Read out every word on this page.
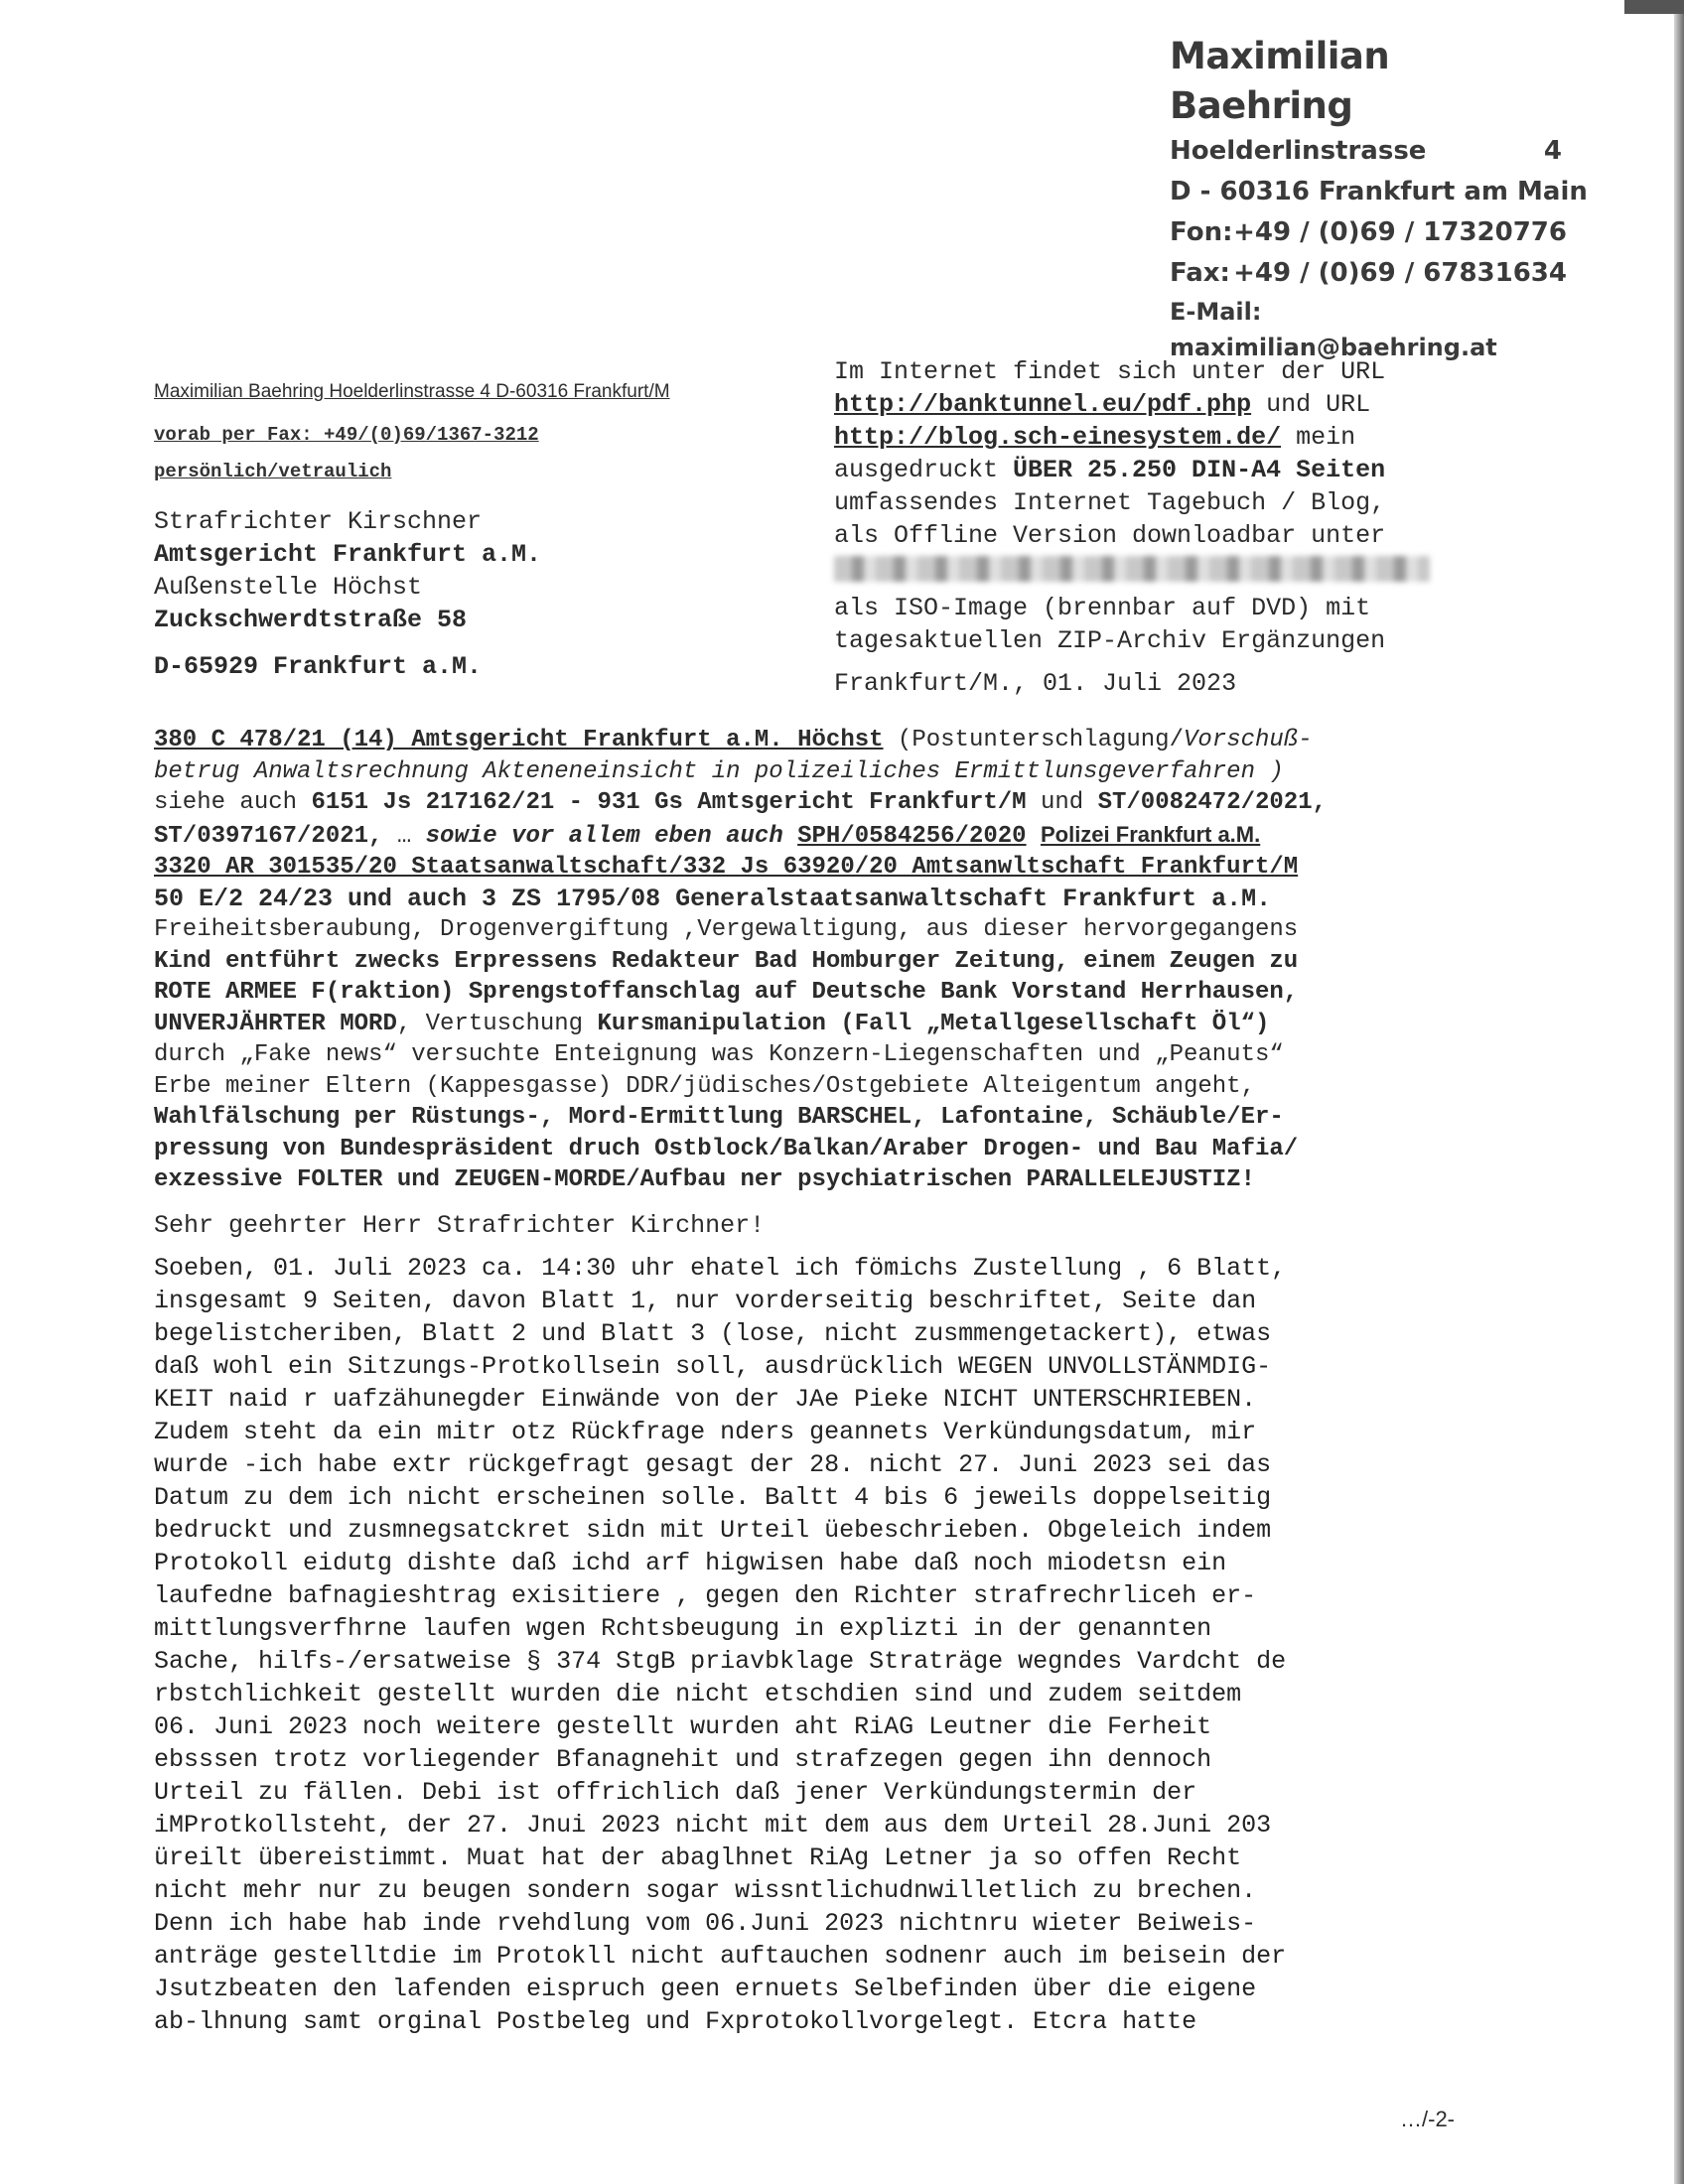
Maximilian Baehring
Hoelderlinstrasse	4
D - 60316 Frankfurt am Main
Fon: +49 / (0)69 / 17320776
Fax: +49 / (0)69 / 67831634
E-Mail: maximilian@baehring.at
Maximilian Baehring Hoelderlinstrasse 4 D-60316 Frankfurt/M
vorab per Fax: +49/(0)69/1367-3212
persönlich/vetraulich
Strafrichter Kirschner
Amtsgericht Frankfurt a.M.
Außenstelle Höchst
Zuckschwerdtstraße 58
D-65929 Frankfurt a.M.
Im Internet findet sich unter der URL
http://banktunnel.eu/pdf.php und URL
http://blog.sch-einesystem.de/ mein
ausgedruckt ÜBER 25.250 DIN-A4 Seiten
umfassendes Internet Tagebuch / Blog,
als Offline Version downloadbar unter
als ISO-Image (brennbar auf DVD) mit
tagesaktuellen ZIP-Archiv Ergänzungen
Frankfurt/M., 01. Juli 2023

380 C 478/21 (14) Amtsgericht Frankfurt a.M. Höchst (Postunterschlagung/Vorschuß-

betrug Anwaltsrechnung Akteneneinsicht in polizeiliches Ermittlunsgeverfahren )

siehe auch 6151 Js 217162/21 - 931 Gs Amtsgericht Frankfurt/M und ST/0082472/2021,

ST/0397167/2021, … sowie vor allem eben auch SPH/0584256/2020 Polizei Frankfurt a.M.

3320 AR 301535/20 Staatsanwaltschaft/332 Js 63920/20 Amtsanwltschaft Frankfurt/M

50 E/2 24/23 und auch 3 ZS 1795/08 Generalstaatsanwaltschaft Frankfurt a.M.

Freiheitsberaubung, Drogenvergiftung ,Vergewaltigung, aus dieser hervorgegangens

Kind entführt zwecks Erpressens Redakteur Bad Homburger Zeitung, einem Zeugen zu

ROTE ARMEE F(raktion) Sprengstoffanschlag auf Deutsche Bank Vorstand Herrhausen,

UNVERJÄHRTER MORD, Vertuschung Kursmanipulation (Fall „Metallgesellschaft Öl“)

durch „Fake news“ versuchte Enteignung was Konzern-Liegenschaften und „Peanuts“

Erbe meiner Eltern (Kappesgasse) DDR/jüdisches/Ostgebiete Alteigentum angeht,

Wahlfälschung per Rüstungs-, Mord-Ermittlung BARSCHEL, Lafontaine, Schäuble/Er-

pressung von Bundespräsident druch Ostblock/Balkan/Araber Drogen- und Bau Mafia/

exzessive FOLTER und ZEUGEN-MORDE/Aufbau ner psychiatrischen PARALLELEJUSTIZ!

Sehr geehrter Herr Strafrichter Kirchner!
Soeben, 01. Juli 2023 ca. 14:30 uhr ehatel ich fömichs Zustellung , 6 Blatt,
insgesamt 9 Seiten, davon Blatt 1, nur vorderseitig beschriftet, Seite dan
begelistcheriben, Blatt 2 und Blatt 3 (lose, nicht zusmmengetackert), etwas
daß wohl ein Sitzungs-Protkollsein soll, ausdrücklich WEGEN UNVOLLSTÄNMDIG-
KEIT naid r uafzähunegder Einwände von der JAe Pieke NICHT UNTERSCHRIEBEN.
Zudem steht da ein mitr otz Rückfrage nders geannets Verkündungsdatum, mir
wurde -ich habe extr rückgefragt gesagt der 28. nicht 27. Juni 2023 sei das
Datum zu dem ich nicht erscheinen solle. Baltt 4 bis 6 jeweils doppelseitig
bedruckt und zusmnegsatckret sidn mit Urteil üebeschrieben. Obgeleich indem
Protokoll eidutg dishte daß ichd arf higwisen habe daß noch miodetsn ein
laufedne bafnagieshtrag exisitiere , gegen den Richter strafrechrliceh er-
mittlungsverfhrne laufen wgen Rchtsbeugung in explizti in der genannten
Sache, hilfs-/ersatweise § 374 StgB priavbklage Straträge wegndes Vardcht de
rbstchlichkeit gestellt wurden die nicht etschdien sind und zudem seitdem
06. Juni 2023 noch weitere gestellt wurden aht RiAG Leutner die Ferheit
ebsssen trotz vorliegender Bfanagnehit und strafzegen gegen ihn dennoch
Urteil zu fällen. Debi ist offrichlich daß jener Verkündungstermin der
iMProtkollsteht, der 27. Jnui 2023 nicht mit dem aus dem Urteil 28.Juni 203
üreilt übereistimmt. Muat hat der abaglhnet RiAg Letner ja so offen Recht
nicht mehr nur zu beugen sondern sogar wissntlichudnwilletlich zu brechen.
Denn ich habe hab inde rvehdlung vom 06.Juni 2023 nichtnru wieter Beiweis-
anträge gestelltdie im Protokll nicht auftauchen sodnenr auch im beisein der
Jsutzbeaten den lafenden eispruch geen ernuets Selbefinden über die eigene
ab-lhnung samt orginal Postbeleg und Fxprotokollvorgelegt. Etcra hatte
…/-2-
